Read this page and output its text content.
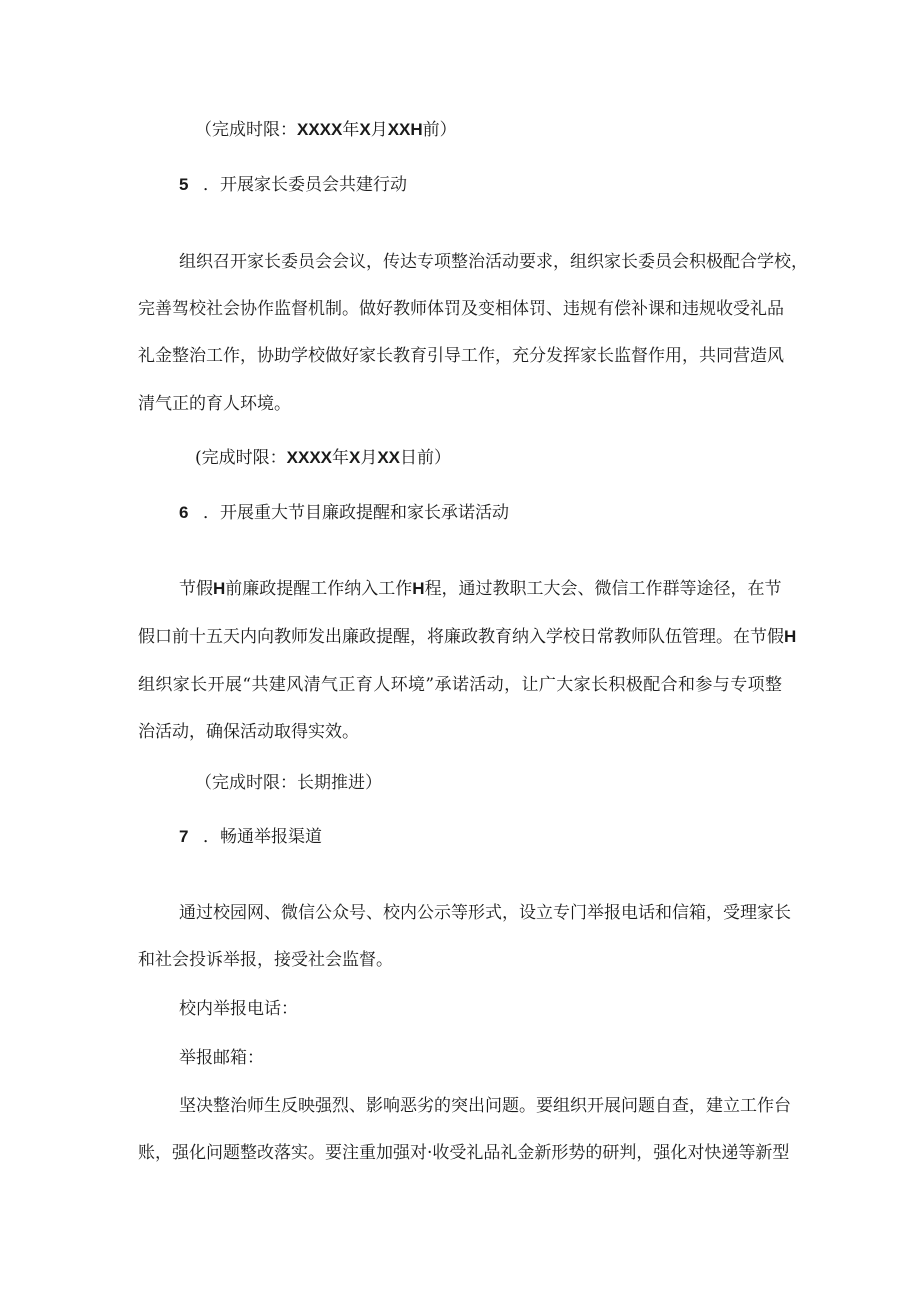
（完成时限：XXXX年X月XXH前）
5 ．开展家长委员会共建行动
组织召开家长委员会会议，传达专项整治活动要求，组织家长委员会积极配合学校，
完善驾校社会协作监督机制。做好教师体罚及变相体罚、违规有偿补课和违规收受礼品
礼金整治工作，协助学校做好家长教育引导工作，充分发挥家长监督作用，共同营造风
清气正的育人环境。
(完成时限：XXXX年X月XX日前）
6 ．开展重大节目廉政提醒和家长承诺活动
节假H前廉政提醒工作纳入工作H程，通过教职工大会、微信工作群等途径，在节
假口前十五天内向教师发出廉政提醒，将廉政教育纳入学校日常教师队伍管理。在节假H
组织家长开展“共建风清气正育人环境”承诺活动，让广大家长积极配合和参与专项整
治活动，确保活动取得实效。
（完成时限：长期推进）
7 ．畅通举报渠道
通过校园网、微信公众号、校内公示等形式，设立专门举报电话和信箱，受理家长
和社会投诉举报，接受社会监督。
校内举报电话：
举报邮箱：
坚决整治师生反映强烈、影响恶劣的突出问题。要组织开展问题自查，建立工作台
账，强化问题整改落实。要注重加强对·收受礼品礼金新形势的研判，强化对快递等新型
